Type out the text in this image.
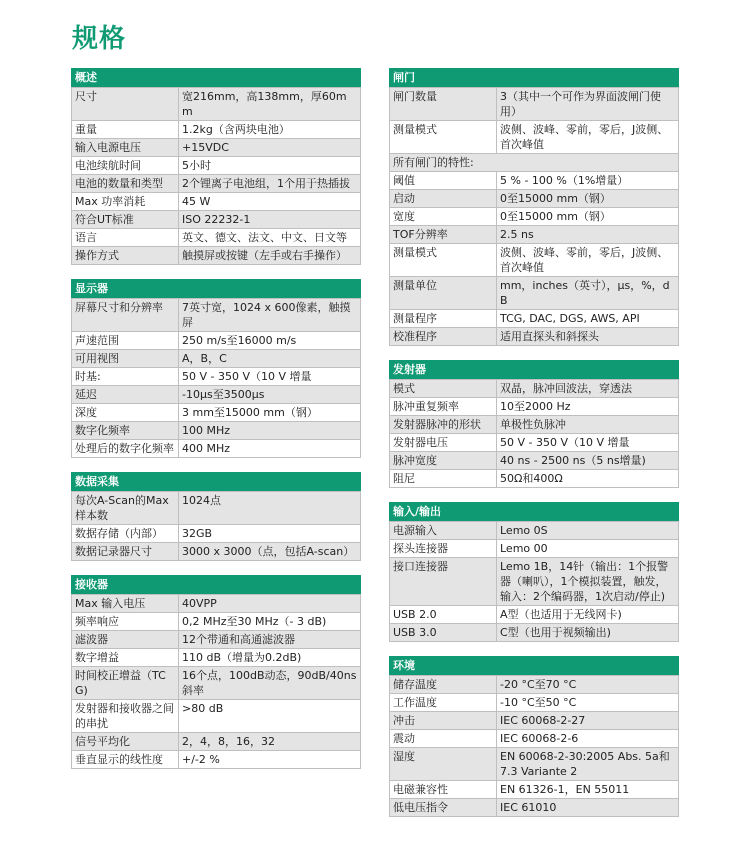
规格
概述
尺寸	宽216mm，高138mm，厚60mm
重量	1.2kg（含两块电池）
输入电源电压	+15VDC
电池续航时间	5小时
电池的数量和类型	2个锂离子电池组，1个用于热插拔
Max 功率消耗	45 W
符合UT标准	ISO 22232-1
语言	英文、德文、法文、中文、日文等
操作方式	触摸屏或按键（左手或右手操作）
显示器
屏幕尺寸和分辨率	7英寸宽，1024 x 600像素，触摸屏
声速范围	250 m/s至16000 m/s
可用视图	A，B，C
时基:	50 V - 350 V（10 V 增量
延迟	-10μs至3500μs
深度	3 mm至15000 mm（钢）
数字化频率	100 MHz
处理后的数字化频率	400 MHz
数据采集
每次A-Scan的Max样本数	1024点
数据存储（内部）	32GB
数据记录器尺寸	3000 x 3000（点，包括A-scan）
接收器
Max 输入电压	40VPP
频率响应	0,2 MHz至30 MHz（- 3 dB)
滤波器	12个带通和高通滤波器
数字增益	110 dB（增量为0.2dB)
时间校正增益（TCG)	16个点，100dB动态，90dB/40ns斜率
发射器和接收器之间的串扰	>80 dB
信号平均化	2，4，8，16，32
垂直显示的线性度	+/-2 %
闸门
闸门数量	3（其中一个可作为界面波闸门使用）
测量模式	波侧、波峰、零前，零后，J波侧、首次峰值
所有闸门的特性:	
阈值	5 % - 100 %（1%增量）
启动	0至15000 mm（钢）
宽度	0至15000 mm（钢）
TOF分辨率	2.5 ns
测量模式	波侧、波峰、零前，零后，J波侧、首次峰值
测量单位	mm，inches（英寸），μs，%，dB
测量程序	TCG, DAC, DGS, AWS, API
校准程序	适用直探头和斜探头
发射器
模式	双晶，脉冲回波法，穿透法
脉冲重复频率	10至2000 Hz
发射器脉冲的形状	单极性负脉冲
发射器电压	50 V - 350 V（10 V 增量
脉冲宽度	40 ns - 2500 ns（5 ns增量)
阻尼	50Ω和400Ω
输入/输出
电源输入	Lemo 0S
探头连接器	Lemo 00
接口连接器	Lemo 1B，14针（输出：1个报警器（喇叭），1个模拟装置，触发，输入：2个编码器，1次启动/停止)
USB 2.0	A型（也适用于无线网卡)
USB 3.0	C型（也用于视频输出)
环境
储存温度	-20 °C至70 °C
工作温度	-10 °C至50 °C
冲击	IEC 60068-2-27
震动	IEC 60068-2-6
湿度	EN 60068-2-30:2005 Abs. 5a和7.3 Variante 2
电磁兼容性	EN 61326-1，EN 55011
低电压指令	IEC 61010
